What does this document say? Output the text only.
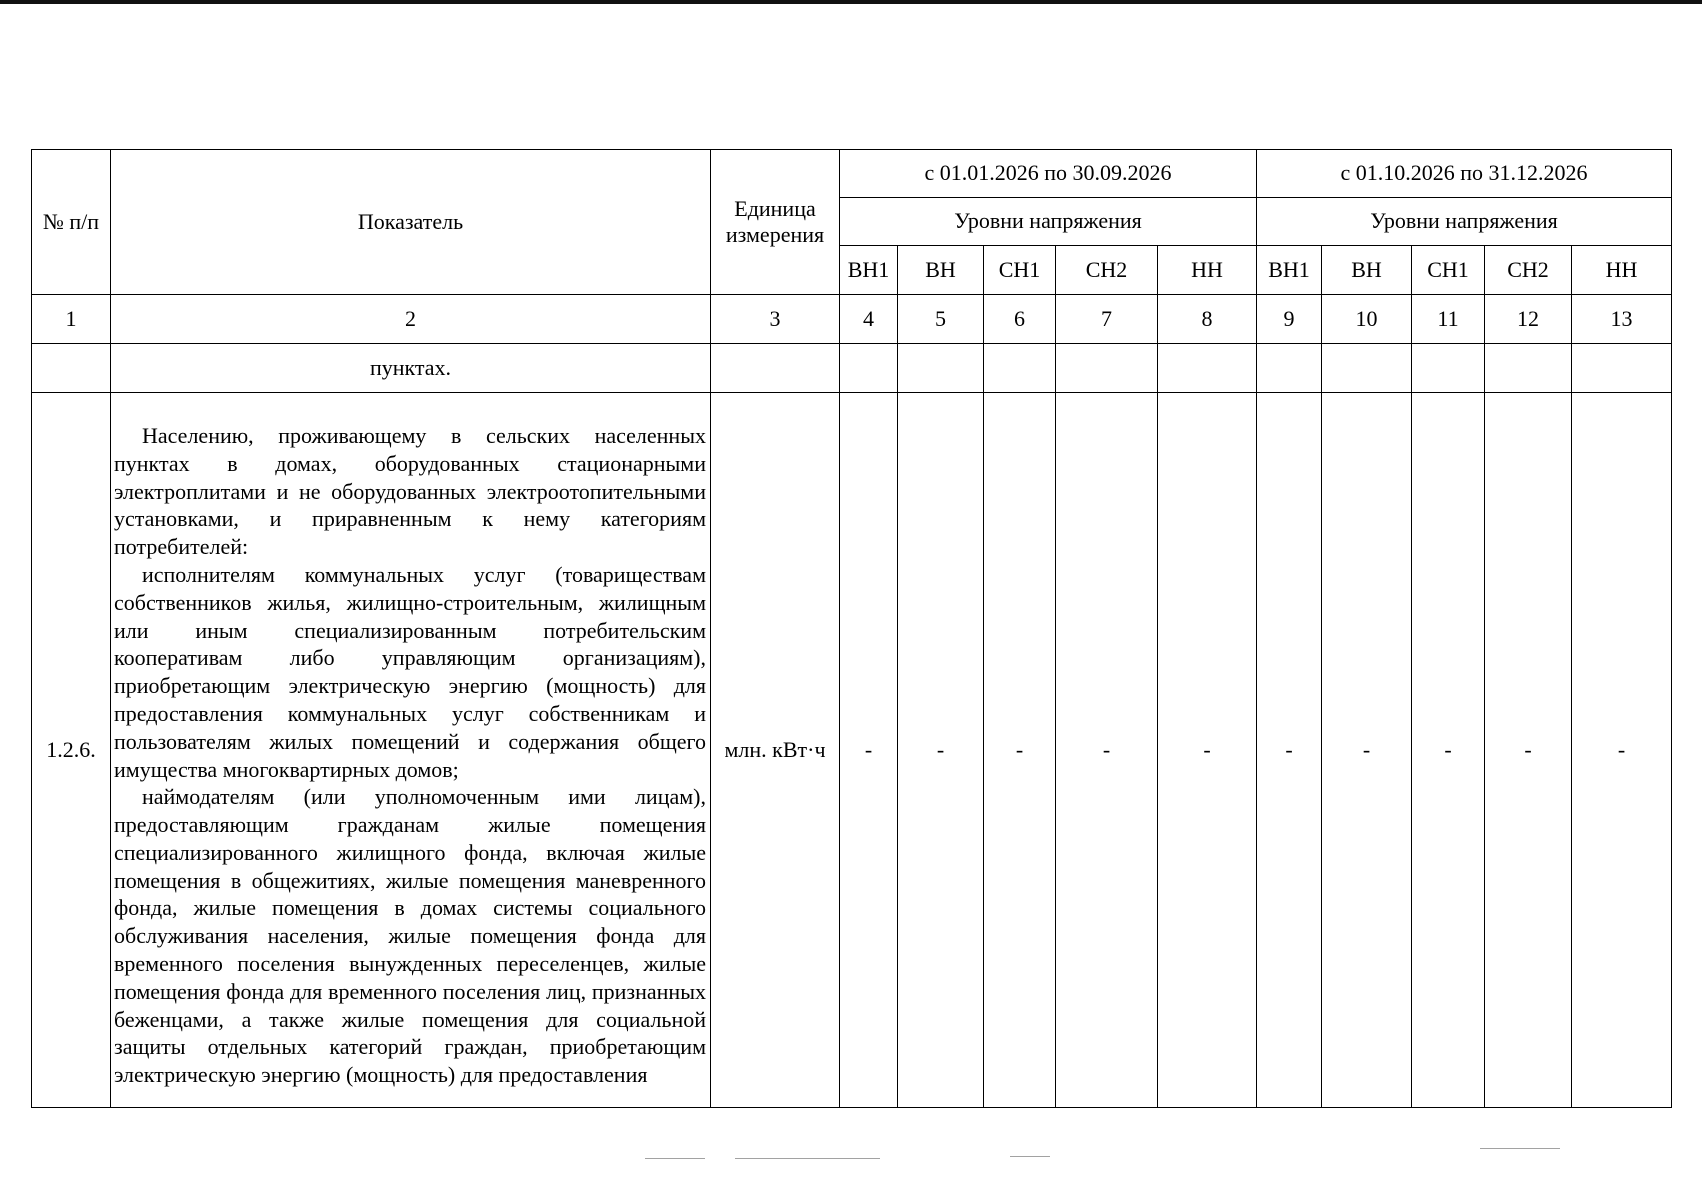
№ п/п	Показатель	Единица измерения	с 01.01.2026 по 30.09.2026					с 01.10.2026 по 31.12.2026				
			Уровни напряжения					Уровни напряжения				
			ВН1	ВН	СН1	СН2	НН	ВН1	ВН	СН1	СН2	НН
1	2	3	4	5	6	7	8	9	10	11	12	13
	пунктах.											
1.2.6.	Населению, проживающему в сельских населенных пунктах в домах, оборудованных стационарными электроплитами и не оборудованных электроотопительными установками, и приравненным к нему категориям потребителей:

исполнителям коммунальных услуг (товариществам собственников жилья, жилищно-строительным, жилищным или иным специализированным потребительским кооперативам либо управляющим организациям), приобретающим электрическую энергию (мощность) для предоставления коммунальных услуг собственникам и пользователям жилых помещений и содержания общего имущества многоквартирных домов;

наймодателям (или уполномоченным ими лицам), предоставляющим гражданам жилые помещения специализированного жилищного фонда, включая жилые помещения в общежитиях, жилые помещения маневренного фонда, жилые помещения в домах системы социального обслуживания населения, жилые помещения фонда для временного поселения вынужденных переселенцев, жилые помещения фонда для временного поселения лиц, признанных беженцами, а также жилые помещения для социальной защиты отдельных категорий граждан, приобретающим электрическую энергию (мощность) для предоставления	млн. кВт·ч	-	-	-	-	-	-	-	-	-	-
